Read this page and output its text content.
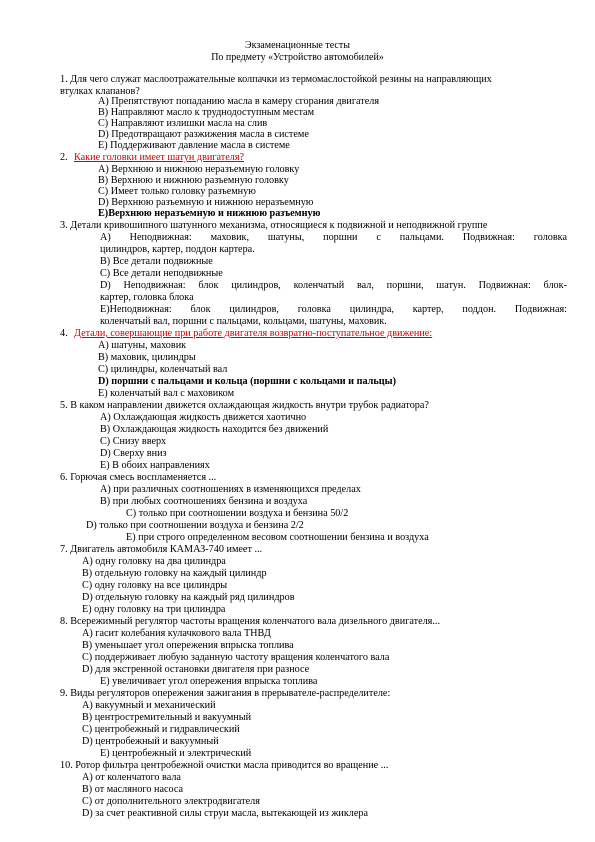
Экзаменационные тесты
По предмету «Устройство автомобилей»
1. Для чего служат маслоотражательные колпачки из термомаслостойкой резины на направляющих
втулках клапанов?
А) Препятствуют попаданию масла в камеру сгорания двигателя
В) Направляют масло к труднодоступным местам
С) Направляют излишки масла на слив
D) Предотвращают разжижения масла в системе
Е) Поддерживают давление масла в системе
2. Какие головки имеет шатун двигателя?
А) Верхнюю и нижнюю неразъемную головку
В) Верхнюю и нижнюю разъемную головку
С) Имеет только головку разъемную
D) Верхнюю разъемную и нижнюю неразъемную
Е)Верхнюю неразъемную и нижнюю разъемную
3. Детали кривошипного шатунного механизма, относящиеся к подвижной и неподвижной группе
А) Неподвижная: маховик, шатуны, поршни с пальцами. Подвижная: головка
цилиндров, картер, поддон картера.
В) Все детали подвижные
С) Все детали неподвижные
D) Неподвижная: блок цилиндров, коленчатый вал, поршни, шатун. Подвижная: блок-
картер, головка блока
Е)Неподвижная: блок цилиндров, головка цилиндра, картер, поддон. Подвижная:
коленчатый вал, поршни с пальцами, кольцами, шатуны, маховик.
4. Детали, совершающие при работе двигателя возвратно-поступательное движение:
А) шатуны, маховик
В) маховик, цилиндры
С) цилиндры, коленчатый вал
D) поршни с пальцами и кольца (поршни с кольцами и пальцы)
Е) коленчатый вал с маховиком
5. В каком направлении движется охлаждающая жидкость внутри трубок радиатора?
А) Охлаждающая жидкость движется хаотично
В) Охлаждающая жидкость находится без движений
С) Снизу вверх
D) Сверху вниз
Е) В обоих направлениях
6. Горючая смесь воспламеняется ...
А) при различных соотношениях в изменяющихся пределах
В) при любых соотношениях бензина и воздуха
С) только при соотношении воздуха и бензина 50/2
D) только при соотношении воздуха и бензина 2/2
Е) при строго определенном весовом соотношении бензина и воздуха
7. Двигатель автомобиля КАМАЗ-740 имеет ...
A) одну головку на два цилиндра
B) отдельную головку на каждый цилиндр
C) одну головку на все цилиндры
D) отдельную головку на каждый ряд цилиндров
E) одну головку на три цилиндра
8. Всережимный регулятор частоты вращения коленчатого вала дизельного двигателя...
A) гасит колебания кулачкового вала ТНВД
B) уменьшает угол опережения впрыска топлива
C) поддерживает любую заданную частоту вращения коленчатого вала
D) для экстренной остановки двигателя при разносе
Е) увеличивает угол опережения впрыска топлива
9. Виды регуляторов опережения зажигания в прерывателе-распределителе:
A) вакуумный и механический
B) центростремительный и вакуумный
C) центробежный и гидравлический
D) центробежный и вакуумный
Е) центробежный и электрический
10. Ротор фильтра центробежной очистки масла приводится во вращение ...
A) от коленчатого вала
B) от масляного насоса
C) от дополнительного электродвигателя
D) за счет реактивной силы струи масла, вытекающей из жиклера
